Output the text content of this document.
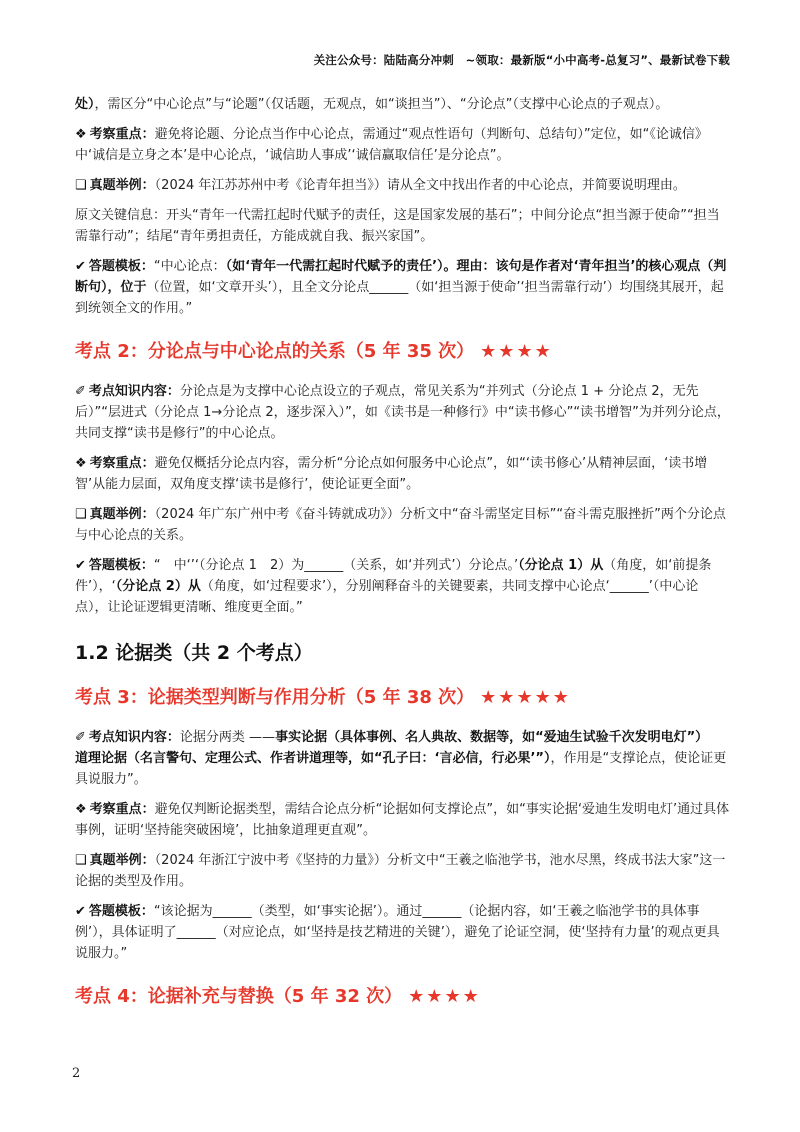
关注公众号：陆陆高分冲刺　~领取：最新版“小中高考-总复习”、最新试卷下载

处），需区分“中心论点”与“论题”（仅话题，无观点，如“谈担当”）、“分论点”（支撑中心论点的子观点）。

❖ 考察重点：避免将论题、分论点当作中心论点，需通过“观点性语句（判断句、总结句）”定位，如“《论诚信》中‘诚信是立身之本’是中心论点，‘诚信助人事成’‘诚信赢取信任’是分论点”。

❑ 真题举例：（2024 年江苏苏州中考《论青年担当》）请从全文中找出作者的中心论点，并简要说明理由。

原文关键信息：开头“青年一代需扛起时代赋予的责任，这是国家发展的基石”；中间分论点“担当源于使命”“担当需靠行动”；结尾“青年勇担责任，方能成就自我、振兴家国”。

✔ 答题模板：“中心论点：（如‘青年一代需扛起时代赋予的责任’）。理由：该句是作者对‘青年担当’的核心观点（判断句），位于（位置，如‘文章开头’），且全文分论点______（如‘担当源于使命’‘担当需靠行动’）均围绕其展开，起到统领全文的作用。”

考点 2：分论点与中心论点的关系（5 年 35 次） ★★★★

✐ 考点知识内容：分论点是为支撑中心论点设立的子观点，常见关系为“并列式（分论点 1 + 分论点 2，无先后）”“层进式（分论点 1→分论点 2，逐步深入）”，如《读书是一种修行》中“读书修心”“读书增智”为并列分论点，共同支撑“读书是修行”的中心论点。

❖ 考察重点：避免仅概括分论点内容，需分析“分论点如何服务中心论点”，如“‘读书修心’从精神层面，‘读书增智’从能力层面，双角度支撑‘读书是修行’，使论证更全面”。

❑ 真题举例：（2024 年广东广州中考《奋斗铸就成功》）分析文中“奋斗需坚定目标”“奋斗需克服挫折”两个分论点与中心论点的关系。

✔ 答题模板：“　中‘’‘（分论点 1　2）为______（关系，如‘并列式’）分论点。’（分论点 1）从（角度，如‘前提条件’），‘（分论点 2）从（角度，如‘过程要求’），分别阐释奋斗的关键要素，共同支撑中心论点‘______’（中心论点），让论证逻辑更清晰、维度更全面。”

1.2 论据类（共 2 个考点）
考点 3：论据类型判断与作用分析（5 年 38 次） ★★★★★

✐ 考点知识内容：论据分两类 ——事实论据（具体事例、名人典故、数据等，如“爱迪生试验千次发明电灯”）　 道理论据（名言警句、定理公式、作者讲道理等，如“孔子曰：‘言必信，行必果’”），作用是“支撑论点，使论证更具说服力”。

❖ 考察重点：避免仅判断论据类型，需结合论点分析“论据如何支撑论点”，如“事实论据‘爱迪生发明电灯’通过具体事例，证明‘坚持能突破困境’，比抽象道理更直观”。

❑ 真题举例：（2024 年浙江宁波中考《坚持的力量》）分析文中“王羲之临池学书，池水尽黑，终成书法大家”这一论据的类型及作用。

✔ 答题模板：“该论据为______（类型，如‘事实论据’）。通过______（论据内容，如‘王羲之临池学书的具体事例’），具体证明了______（对应论点，如‘坚持是技艺精进的关键’），避免了论证空洞，使‘坚持有力量’的观点更具说服力。”

考点 4：论据补充与替换（5 年 32 次） ★★★★
2
